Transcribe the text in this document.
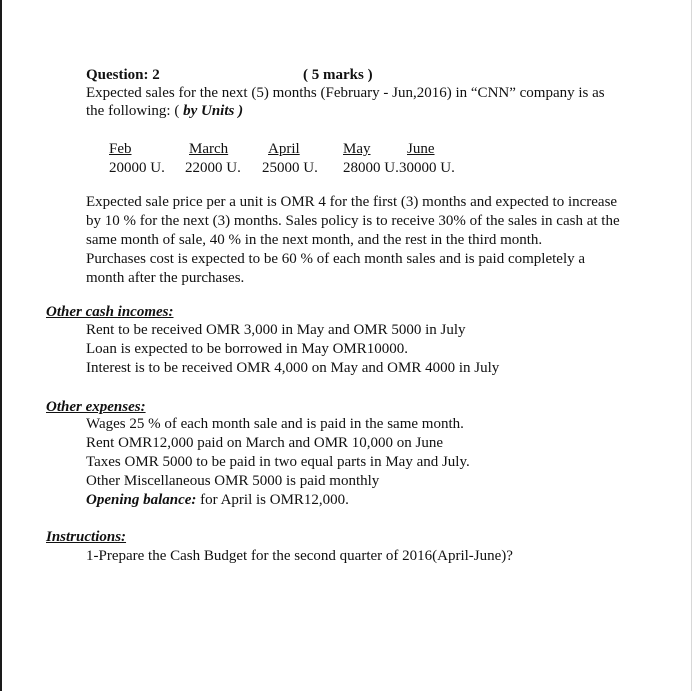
Question: 2	( 5 marks )
Expected sales for the next (5) months (February - Jun,2016) in “CNN” company is as
the following: ( by Units )
Feb
20000 U.
March
22000 U.
April
25000 U.
May
28000 U.
June
30000 U.
Expected sale price per a unit is OMR 4 for the first (3) months and expected to increase
by 10 % for the next (3) months. Sales policy is to receive 30% of the sales in cash at the
same month of sale, 40 % in the next month, and the rest in the third month.
Purchases cost is expected to be 60 % of each month sales and is paid completely a
month after the purchases.
Other cash incomes:
Rent to be received OMR 3,000 in May and OMR 5000 in July
Loan is expected to be borrowed in May OMR10000.
Interest is to be received OMR 4,000 on May and OMR 4000 in July
Other expenses:
Wages 25 % of each month sale and is paid in the same month.
Rent OMR12,000 paid on March and OMR 10,000 on June
Taxes OMR 5000 to be paid in two equal parts in May and July.
Other Miscellaneous OMR 5000 is paid monthly
Opening balance: for April is OMR12,000.
Instructions:
1-Prepare the Cash Budget for the second quarter of 2016(April-June)?
